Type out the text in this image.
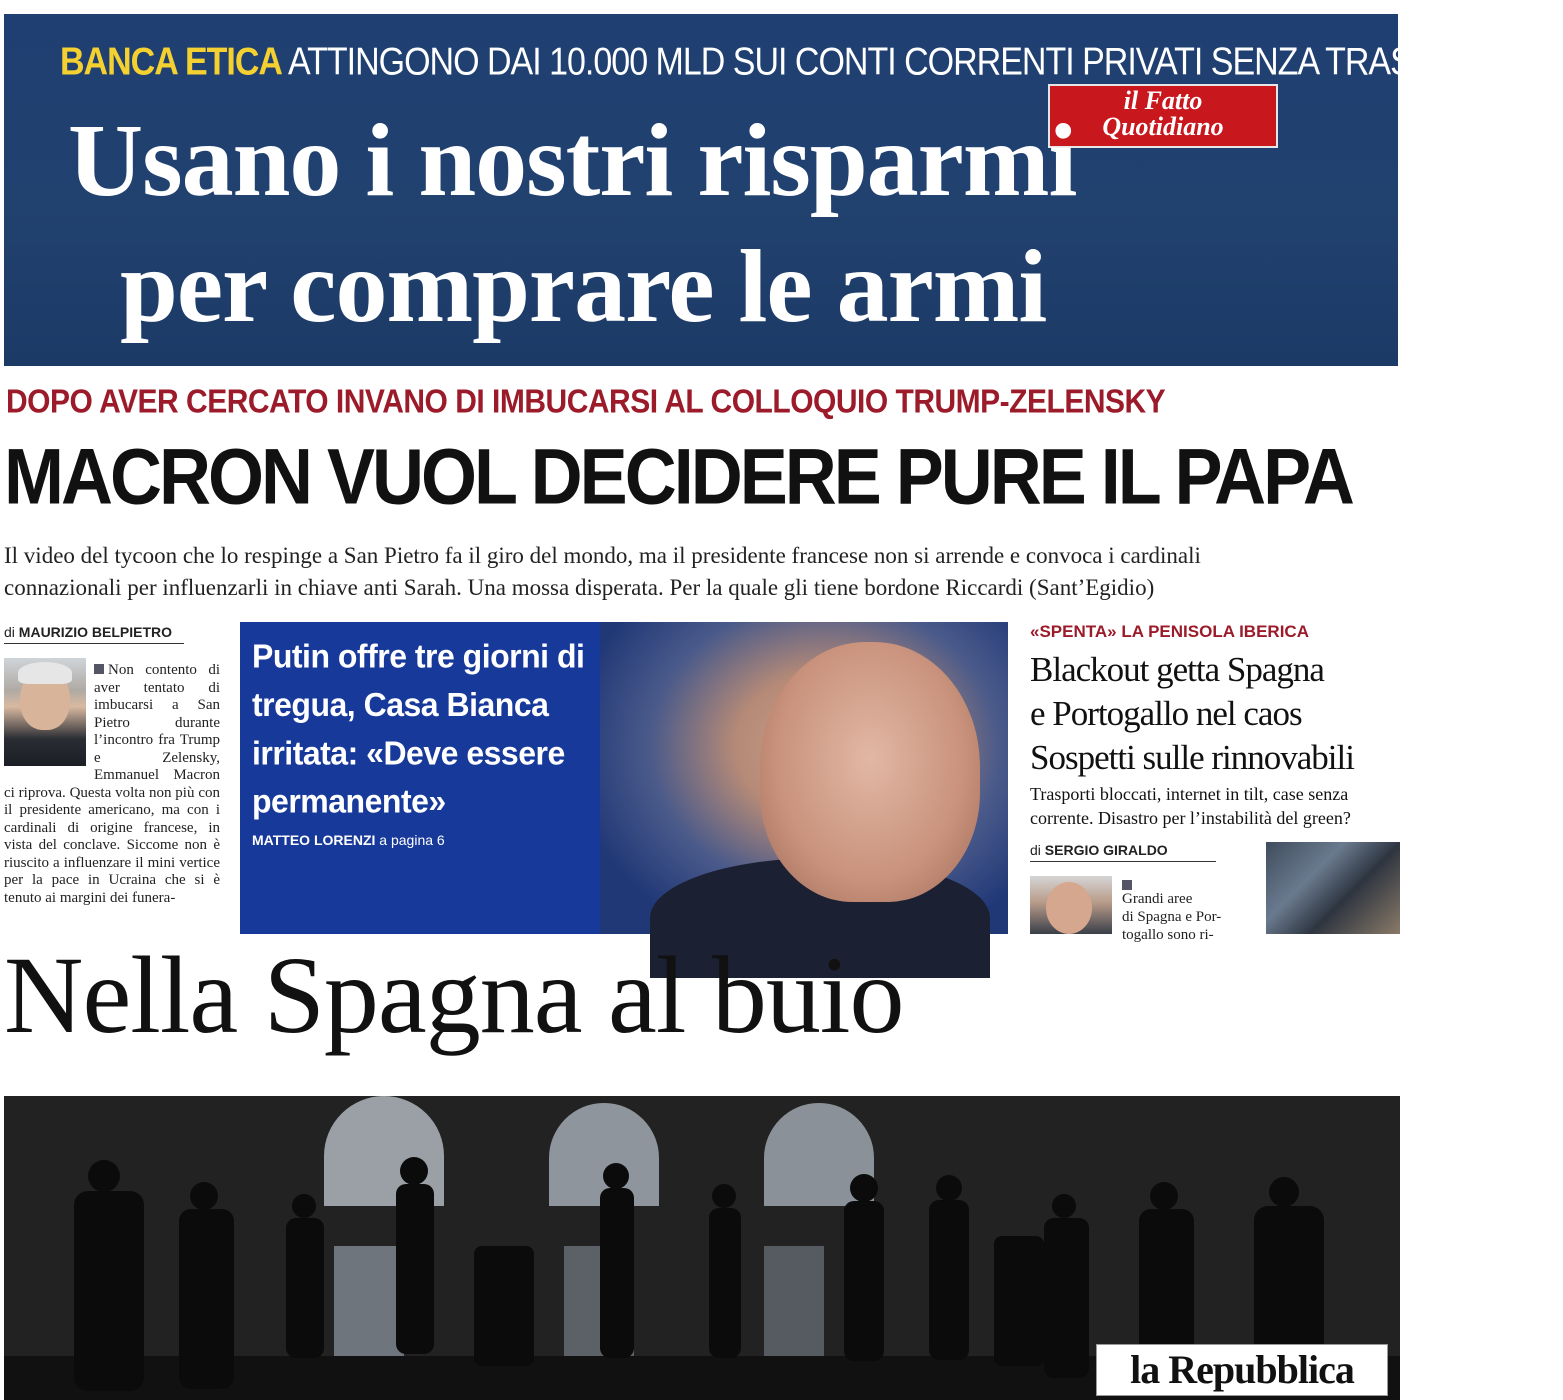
BANCA ETICA ATTINGONO DAI 10.000 MLD SUI CONTI CORRENTI PRIVATI SENZA TRASPARENZA
il Fatto
Quotidiano
Usano i nostri risparmi
per comprare le armi
DOPO AVER CERCATO INVANO DI IMBUCARSI AL COLLOQUIO TRUMP-ZELENSKY
MACRON VUOL DECIDERE PURE IL PAPA
Il video del tycoon che lo respinge a San Pietro fa il giro del mondo, ma il presidente francese non si arrende e convoca i cardinali
connazionali per influenzarli in chiave anti Sarah. Una mossa disperata. Per la quale gli tiene bordone Riccardi (Sant’Egidio)
di MAURIZIO BELPIETRO
Non contento di aver tentato di imbucarsi a San Pietro durante l’incontro fra Trump e Zelensky, Emmanuel Macron ci riprova. Questa volta non più con il presidente americano, ma con i cardinali di origine francese, in vista del conclave. Siccome non è riuscito a influenzare il mini vertice per la pace in Ucraina che si è tenuto ai margini dei funera-
Putin offre tre giorni di tregua, Casa Bianca irritata: «Deve essere permanente»
MATTEO LORENZI a pagina 6
«SPENTA» LA PENISOLA IBERICA
Blackout getta Spagna
e Portogallo nel caos
Sospetti sulle rinnovabili
Trasporti bloccati, internet in tilt, case senza
corrente. Disastro per l’instabilità del green?
di SERGIO GIRALDO
Grandi aree
di Spagna e Por-
togallo sono ri-
Nella Spagna al buio
la Repubblica
